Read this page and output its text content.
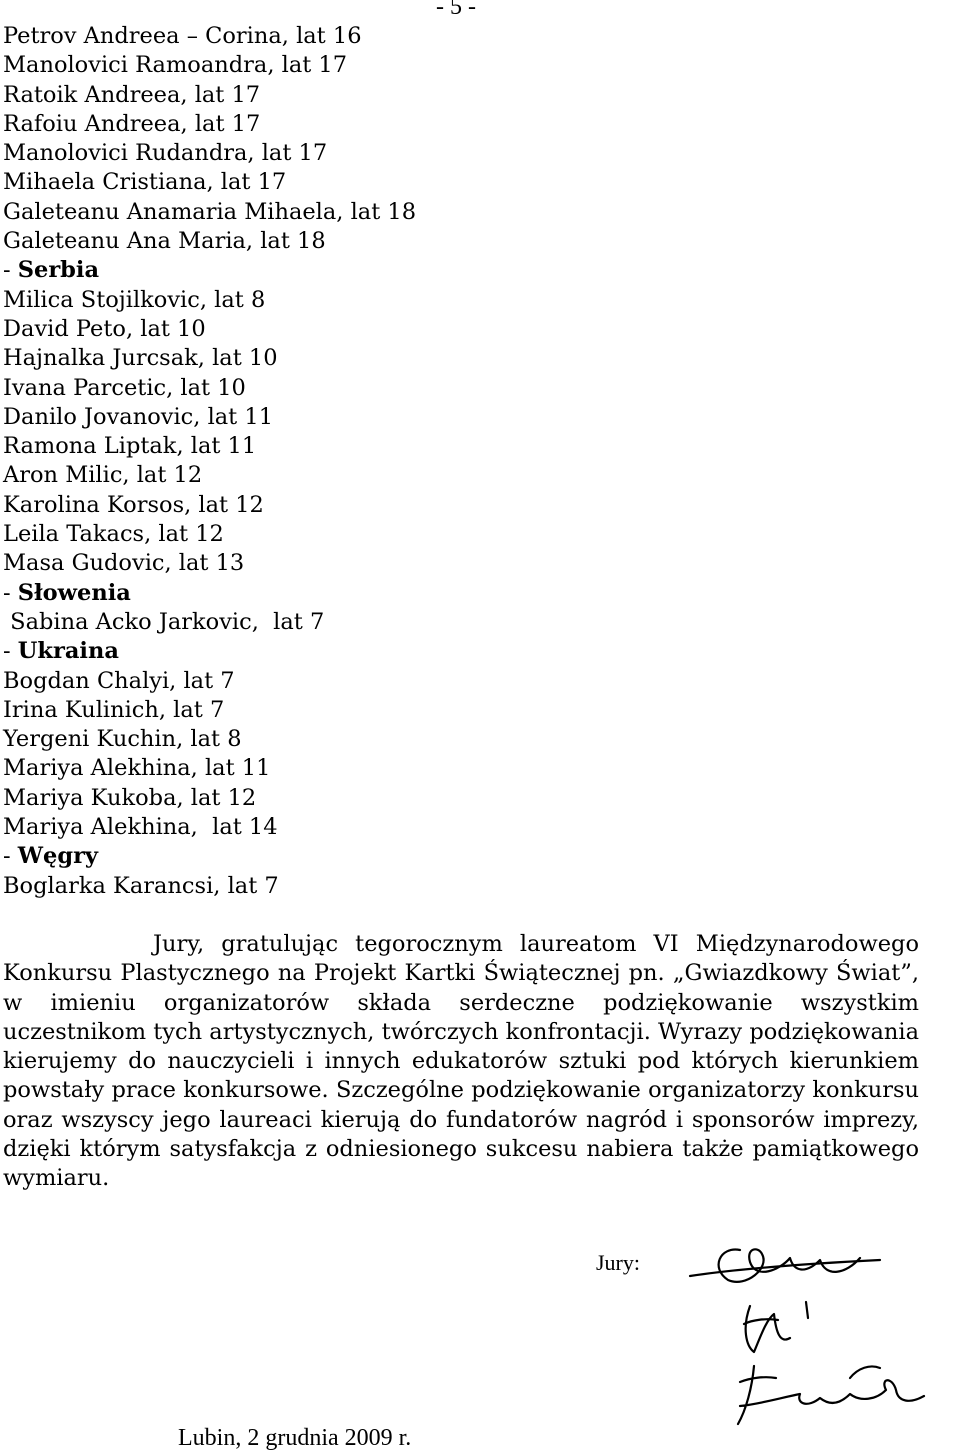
- 5 -
Petrov Andreea – Corina, lat 16
Manolovici Ramoandra, lat 17
Ratoik Andreea, lat 17
Rafoiu Andreea, lat 17
Manolovici Rudandra, lat 17
Mihaela Cristiana, lat 17
Galeteanu Anamaria Mihaela, lat 18
Galeteanu Ana Maria, lat 18
- Serbia
Milica Stojilkovic, lat 8
David Peto, lat 10
Hajnalka Jurcsak, lat 10
Ivana Parcetic, lat 10
Danilo Jovanovic, lat 11
Ramona Liptak, lat 11
Aron Milic, lat 12
Karolina Korsos, lat 12
Leila Takacs, lat 12
Masa Gudovic, lat 13
- Słowenia
Sabina Acko Jarkovic,  lat 7
- Ukraina
Bogdan Chalyi, lat 7
Irina Kulinich, lat 7
Yergeni Kuchin, lat 8
Mariya Alekhina, lat 11
Mariya Kukoba, lat 12
Mariya Alekhina,  lat 14
- Węgry
Boglarka Karancsi, lat 7

Jury, gratulując tegorocznym laureatom VI Międzynarodowego Konkursu Plastycznego na Projekt Kartki Świątecznej pn. „Gwiazdkowy Świat”, w imieniu organizatorów składa serdeczne podziękowanie wszystkim uczestnikom tych artystycznych, twórczych konfrontacji. Wyrazy podziękowania kierujemy do nauczycieli i innych edukatorów sztuki pod których kierunkiem powstały prace konkursowe. Szczególne podziękowanie organizatorzy konkursu oraz wszyscy jego laureaci kierują do fundatorów nagród i sponsorów imprezy, dzięki którym satysfakcja z odniesionego sukcesu nabiera także pamiątkowego wymiaru.

Jury:
Lubin, 2 grudnia 2009 r.
